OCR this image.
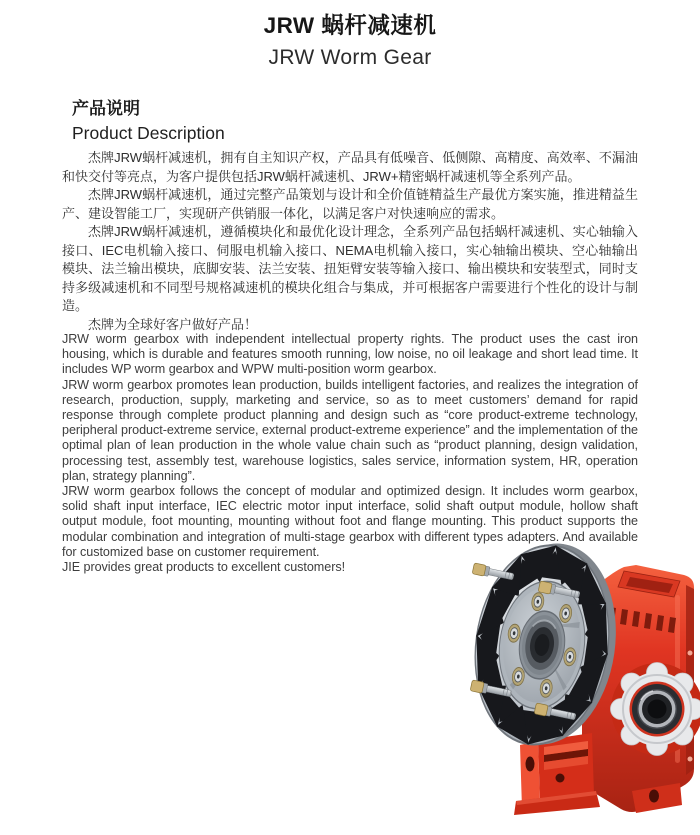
JRW 蜗杆减速机
JRW Worm Gear
产品说明
Product Description

杰牌JRW蜗杆减速机，拥有自主知识产权，产品具有低噪音、低侧隙、高精度、高效率、不漏油和快交付等亮点，为客户提供包括JRW蜗杆减速机、JRW+精密蜗杆减速机等全系列产品。

杰牌JRW蜗杆减速机，通过完整产品策划与设计和全价值链精益生产最优方案实施，推进精益生产、建设智能工厂，实现研产供销服一体化，以满足客户对快速响应的需求。

杰牌JRW蜗杆减速机，遵循模块化和最优化设计理念，全系列产品包括蜗杆减速机、实心轴输入接口、IEC电机输入接口、伺服电机输入接口、NEMA电机输入接口，实心轴输出模块、空心轴输出模块、法兰输出模块，底脚安装、法兰安装、扭矩臂安装等输入接口、输出模块和安装型式，同时支持多级减速机和不同型号规格减速机的模块化组合与集成，并可根据客户需要进行个性化的设计与制造。

杰牌为全球好客户做好产品！

JRW worm gearbox with independent intellectual property rights. The product uses the cast iron housing, which is durable and features smooth running, low noise, no oil leakage and short lead time. It includes WP worm gearbox and WPW multi-position worm gearbox.

JRW worm gearbox promotes lean production, builds intelligent factories, and realizes the integration of research, production, supply, marketing and service, so as to meet customers’ demand for rapid response through complete product planning and design such as “core product-extreme technology, peripheral product-extreme service, external product-extreme experience” and the implementation of the optimal plan of lean production in the whole value chain such as “product planning, design validation, processing test, assembly test, warehouse logistics, sales service, information system, HR, operation plan, strategy planning”.

JRW worm gearbox follows the concept of modular and optimized design. It includes worm gearbox, solid shaft input interface, IEC electric motor input interface, solid shaft output module, hollow shaft output module, foot mounting, mounting without foot and flange mounting. This product supports the modular combination and integration of multi-stage gearbox with different types adapters. And available for customized base on customer requirement.

JIE provides great products to excellent customers!
